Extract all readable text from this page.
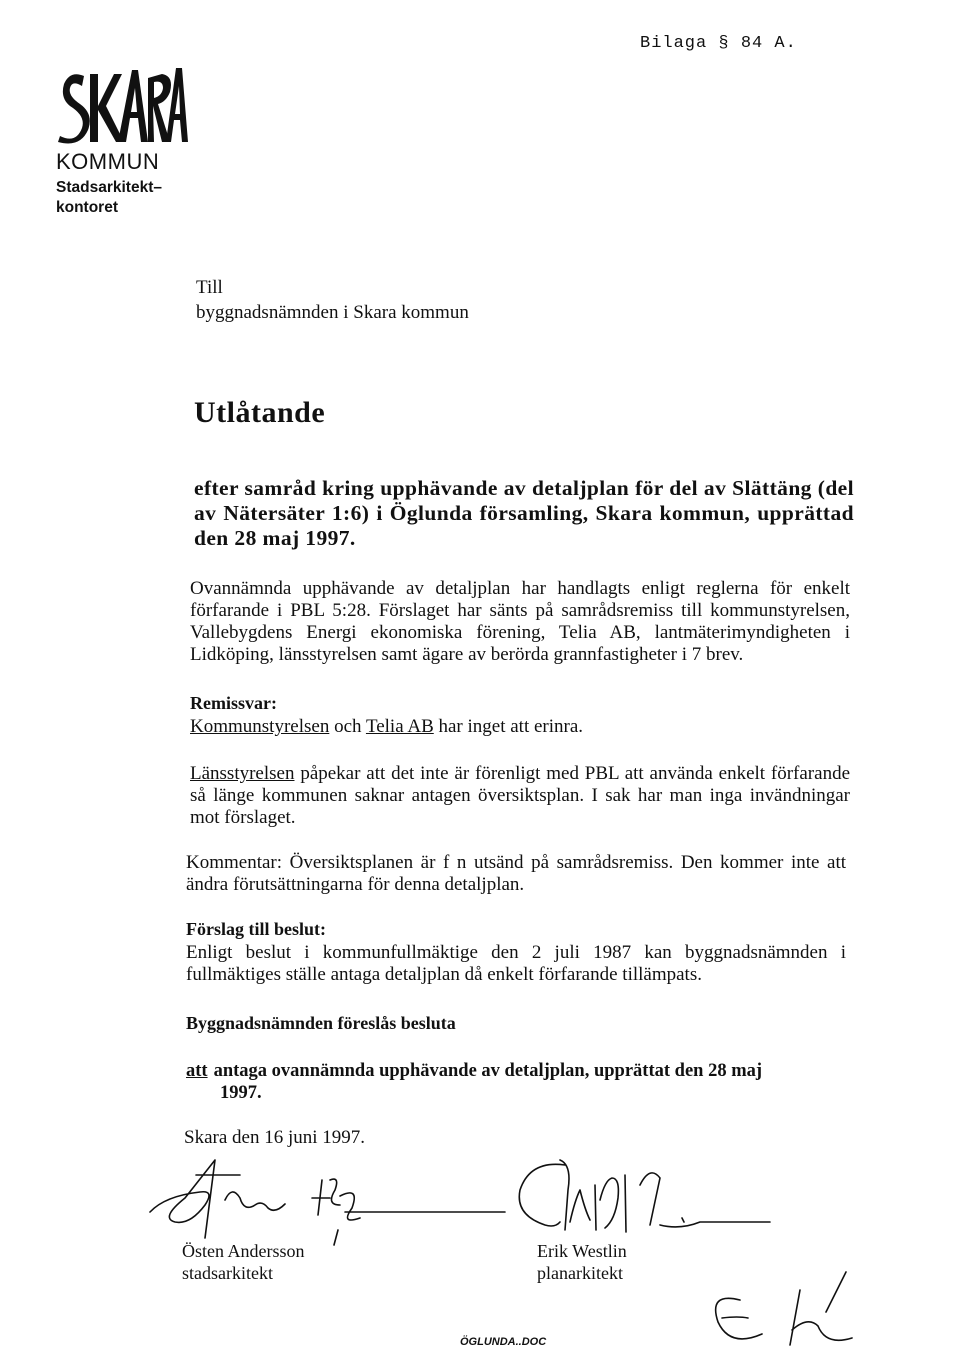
Bilaga § 84 A.
KOMMUN
Stadsarkitekt–
kontoret
Till
byggnadsnämnden i Skara kommun
Utlåtande
efter samråd kring upphävande av detaljplan för del av Slättäng (del av Nätersäter 1:6) i Öglunda församling, Skara kommun, upprättad den 28 maj 1997.
Ovannämnda upphävande av detaljplan har handlagts enligt reglerna för enkelt förfarande i PBL 5:28. Förslaget har sänts på samrådsremiss till kommunstyrelsen, Vallebygdens Energi ekonomiska förening, Telia AB, lantmäterimyndigheten i Lidköping, länsstyrelsen samt ägare av berörda grannfastigheter i 7 brev.
Remissvar:
Kommunstyrelsen och Telia AB har inget att erinra.
Länsstyrelsen påpekar att det inte är förenligt med PBL att använda enkelt förfarande så länge kommunen saknar antagen översiktsplan. I sak har man inga invändningar mot förslaget.
Kommentar: Översiktsplanen är f n utsänd på samrådsremiss. Den kommer inte att ändra förutsättningarna för denna detaljplan.
Förslag till beslut:
Enligt beslut i kommunfullmäktige den 2 juli 1987 kan byggnadsnämnden i fullmäktiges ställe antaga detaljplan då enkelt förfarande tillämpats.
Byggnadsnämnden föreslås besluta
att antaga ovannämnda upphävande av detaljplan, upprättat den 28 maj
1997.
Skara den 16 juni 1997.
Östen Andersson
stadsarkitekt
Erik Westlin
planarkitekt
ÖGLUNDA..DOC
